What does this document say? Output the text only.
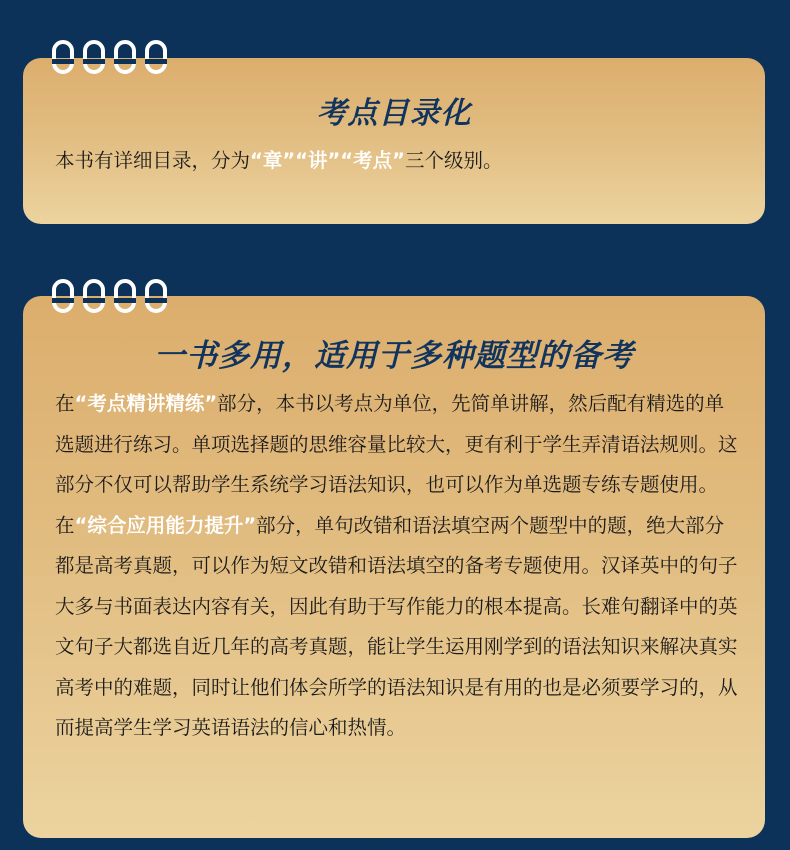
考点目录化
本书有详细目录，分为“章”“讲”“考点”三个级别。
一书多用，适用于多种题型的备考
在“考点精讲精练”部分，本书以考点为单位，先简单讲解，然后配有精选的单选题进行练习。单项选择题的思维容量比较大，更有利于学生弄清语法规则。这部分不仅可以帮助学生系统学习语法知识，也可以作为单选题专练专题使用。
在“综合应用能力提升”部分，单句改错和语法填空两个题型中的题，绝大部分都是高考真题，可以作为短文改错和语法填空的备考专题使用。汉译英中的句子大多与书面表达内容有关，因此有助于写作能力的根本提高。长难句翻译中的英文句子大都选自近几年的高考真题，能让学生运用刚学到的语法知识来解决真实高考中的难题，同时让他们体会所学的语法知识是有用的也是必须要学习的，从而提高学生学习英语语法的信心和热情。
